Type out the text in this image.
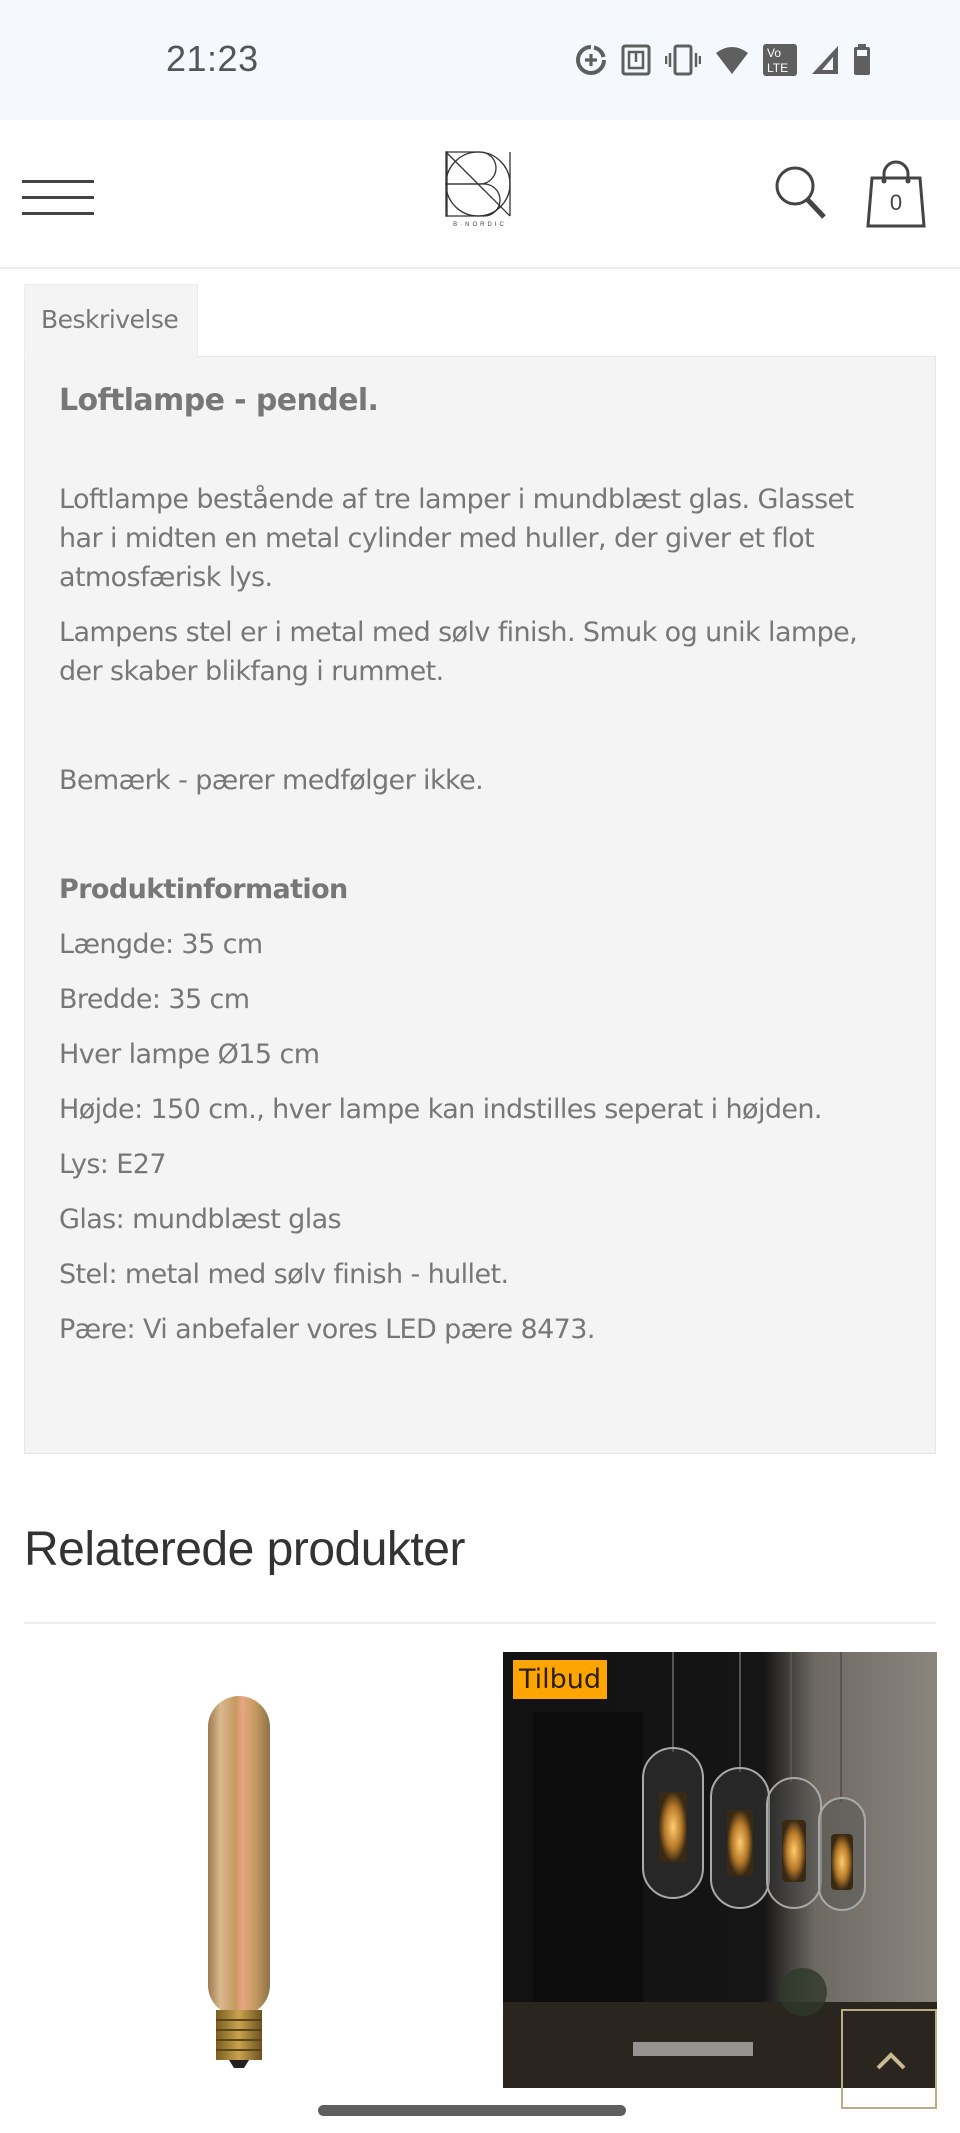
21:23	Vo
LTE
B·NORDIC
0
Beskrivelse
Loftlampe - pendel.
Loftlampe bestående af tre lamper i mundblæst glas. Glasset har i midten en metal cylinder med huller, der giver et flot atmosfærisk lys.
Lampens stel er i metal med sølv finish. Smuk og unik lampe, der skaber blikfang i rummet.
Bemærk - pærer medfølger ikke.
Produktinformation
Længde: 35 cm
Bredde: 35 cm
Hver lampe Ø15 cm
Højde: 150 cm., hver lampe kan indstilles seperat i højden.
Lys: E27
Glas: mundblæst glas
Stel: metal med sølv finish - hullet.
Pære: Vi anbefaler vores LED pære 8473.
Relaterede produkter
Tilbud
